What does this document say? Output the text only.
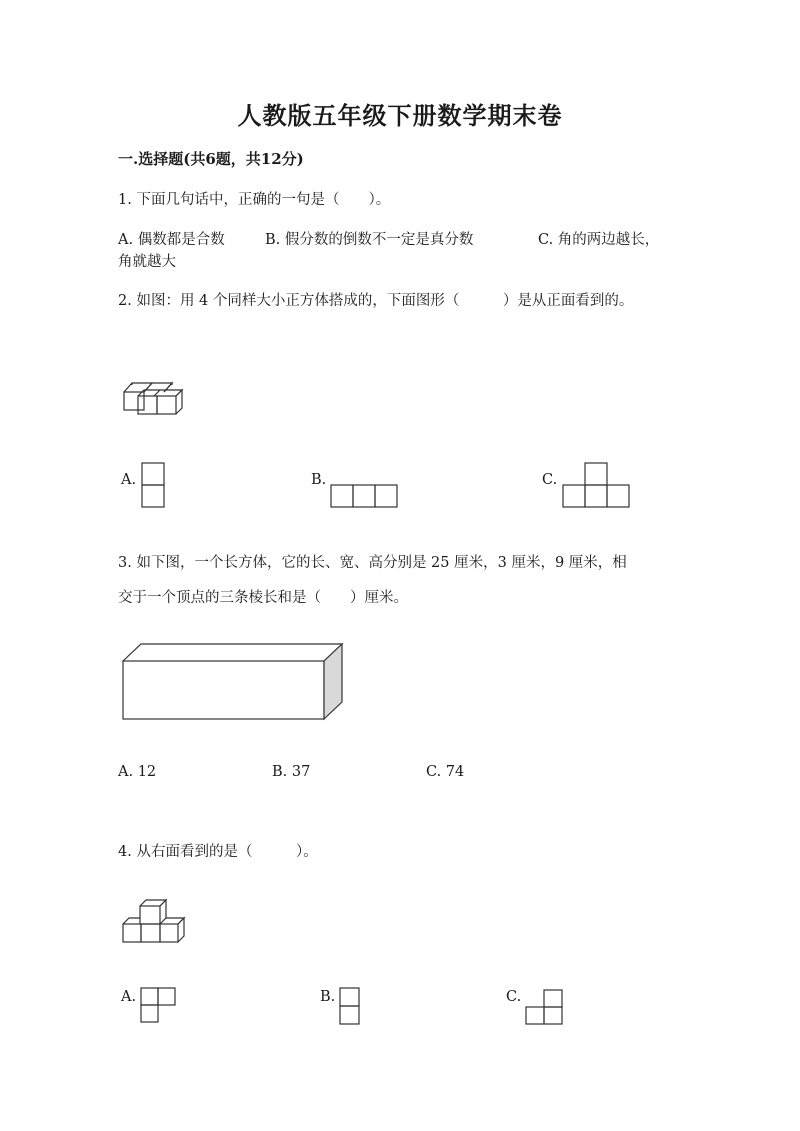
人教版五年级下册数学期末卷
一.选择题(共6题，共12分)
1. 下面几句话中，正确的一句是（　　）。
A. 偶数都是合数	B. 假分数的倒数不一定是真分数	C. 角的两边越长，
角就越大
2. 如图：用 4 个同样大小正方体搭成的，下面图形（　　　）是从正面看到的。
A.	B.	C.
3. 如下图，一个长方体，它的长、宽、高分别是 25 厘米，3 厘米，9 厘米，相
交于一个顶点的三条棱长和是（　　）厘米。
A. 12	B. 37	C. 74
4. 从右面看到的是（　　　）。
A.	B.	C.
